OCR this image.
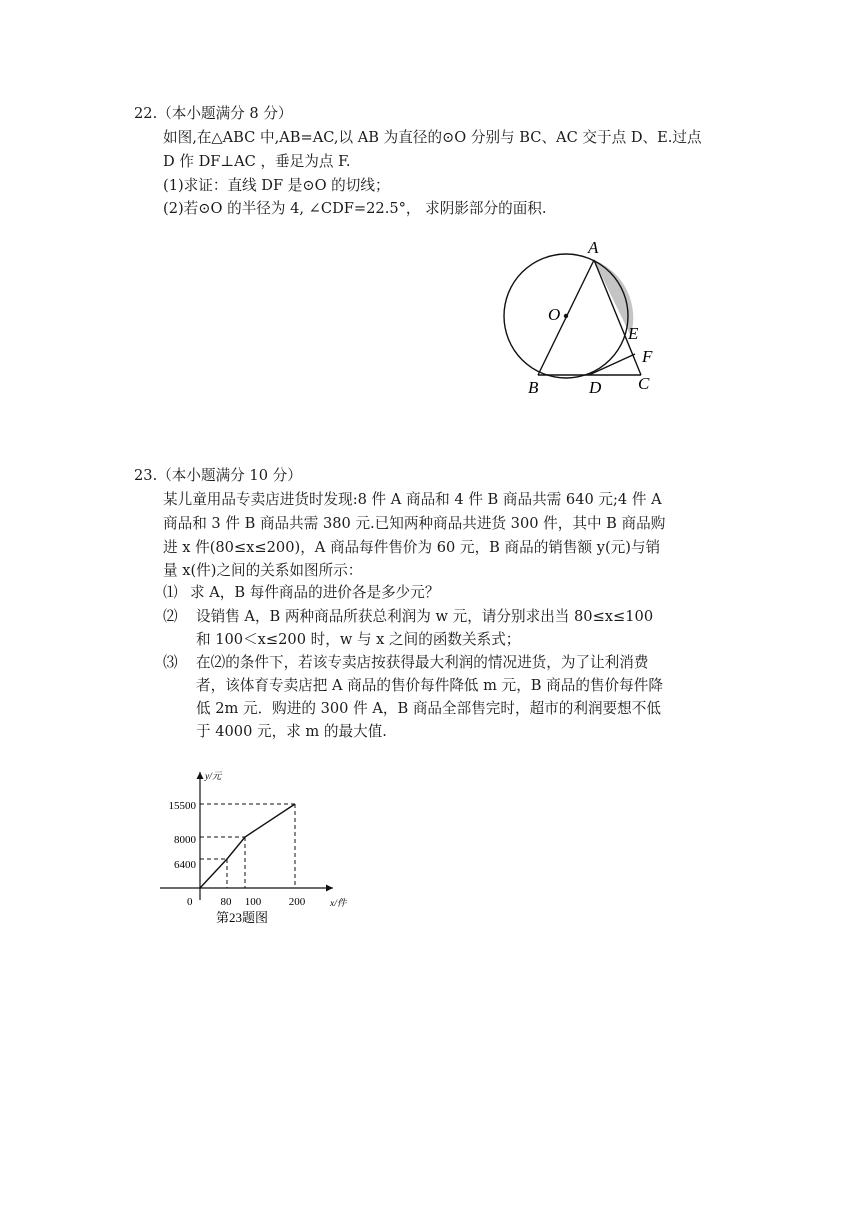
22.（本小题满分 8 分）
如图,在△ABC 中,AB=AC,以 AB 为直径的⊙O 分别与 BC、AC 交于点 D、E.过点
D 作 DF⊥AC ，垂足为点 F.
(1)求证：直线 DF 是⊙O 的切线；
(2)若⊙O 的半径为 4, ∠CDF=22.5°， 求阴影部分的面积.
A
O
E
F
B	D C
23.（本小题满分 10 分）
某儿童用品专卖店进货时发现:8 件 A 商品和 4 件 B 商品共需 640 元;4 件 A
商品和 3 件 B 商品共需 380 元.已知两种商品共进货 300 件，其中 B 商品购
进 x 件(80≤x≤200)，A 商品每件售价为 60 元，B 商品的销售额 y(元)与销
量 x(件)之间的关系如图所示：
⑴ 求 A，B 每件商品的进价各是多少元？
⑵ 设销售 A，B 两种商品所获总利润为 w 元，请分别求出当 80≤x≤100
和 100＜x≤200 时，w 与 x 之间的函数关系式；
⑶ 在⑵的条件下，若该专卖店按获得最大利润的情况进货，为了让利消费
者，该体育专卖店把 A 商品的售价每件降低 m 元，B 商品的售价每件降
低 2m 元．购进的 300 件 A，B 商品全部售完时，超市的利润要想不低
于 4000 元，求 m 的最大值.
y/元
x/件
0
15500
8000
6400
80 100	200
第23题图
